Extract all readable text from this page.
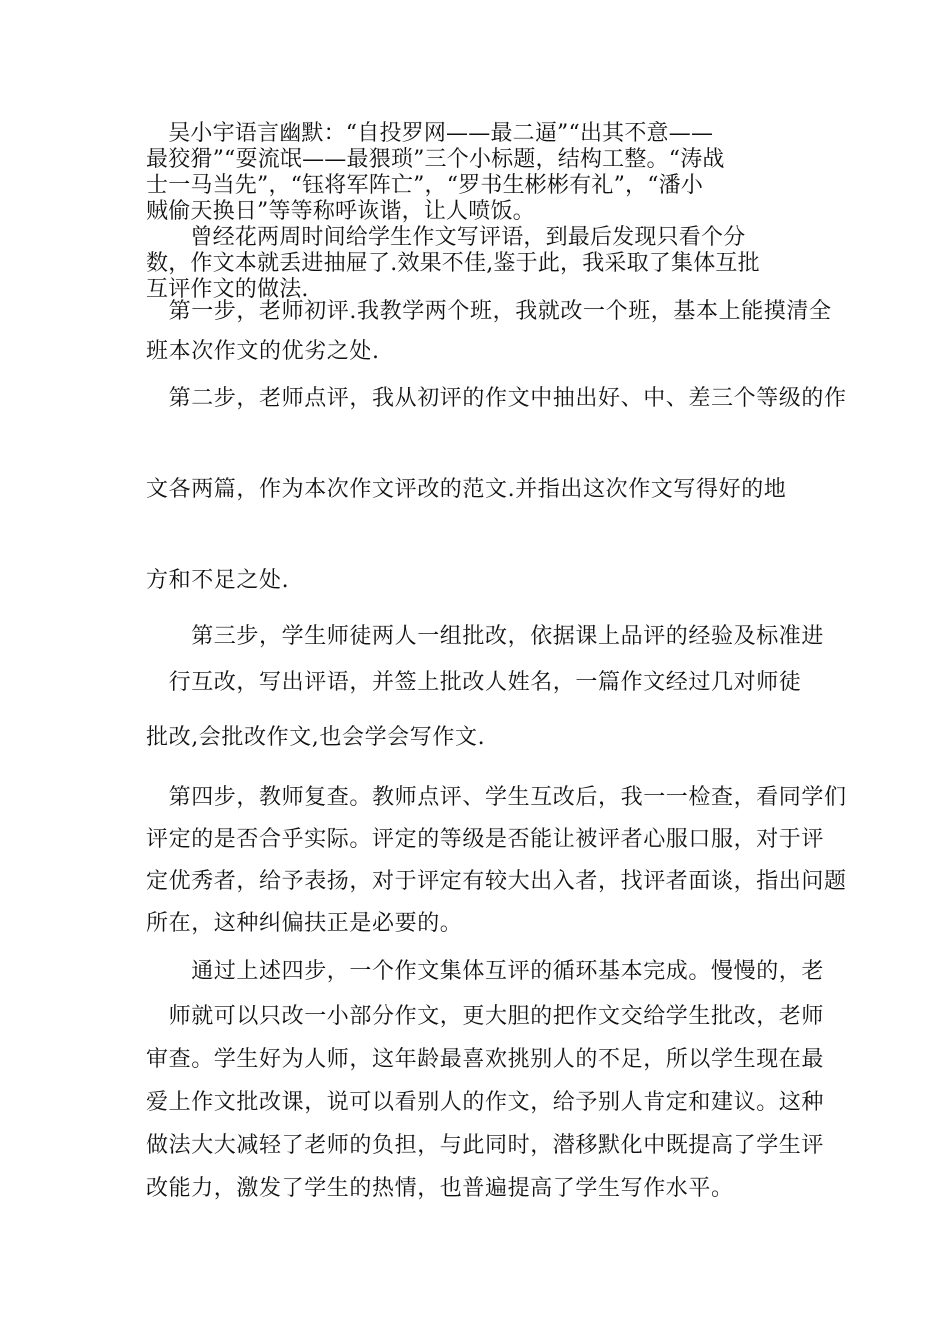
　吴小宇语言幽默：“自投罗网——最二逼”“出其不意——
最狡猾”“耍流氓——最猥琐”三个小标题，结构工整。“涛战
士一马当先”，“钰将军阵亡”，“罗书生彬彬有礼”，“潘小
贼偷天换日”等等称呼诙谐，让人喷饭。
　　曾经花两周时间给学生作文写评语，到最后发现只看个分
数，作文本就丢进抽屉了.效果不佳,鉴于此，我采取了集体互批
互评作文的做法.
　第一步，老师初评.我教学两个班，我就改一个班，基本上能摸清全
班本次作文的优劣之处.
　第二步，老师点评，我从初评的作文中抽出好、中、差三个等级的作
文各两篇，作为本次作文评改的范文.并指出这次作文写得好的地
方和不足之处.
　　第三步，学生师徒两人一组批改，依据课上品评的经验及标准进
　行互改，写出评语，并签上批改人姓名，一篇作文经过几对师徒
批改,会批改作文,也会学会写作文.
　第四步，教师复查。教师点评、学生互改后，我一一检查，看同学们
评定的是否合乎实际。评定的等级是否能让被评者心服口服，对于评
定优秀者，给予表扬，对于评定有较大出入者，找评者面谈，指出问题
所在，这种纠偏扶正是必要的。
　　通过上述四步，一个作文集体互评的循环基本完成。慢慢的，老
　师就可以只改一小部分作文，更大胆的把作文交给学生批改，老师
审查。学生好为人师，这年龄最喜欢挑别人的不足，所以学生现在最
爱上作文批改课，说可以看别人的作文，给予别人肯定和建议。这种
做法大大减轻了老师的负担，与此同时，潜移默化中既提高了学生评
改能力，激发了学生的热情，也普遍提高了学生写作水平。
